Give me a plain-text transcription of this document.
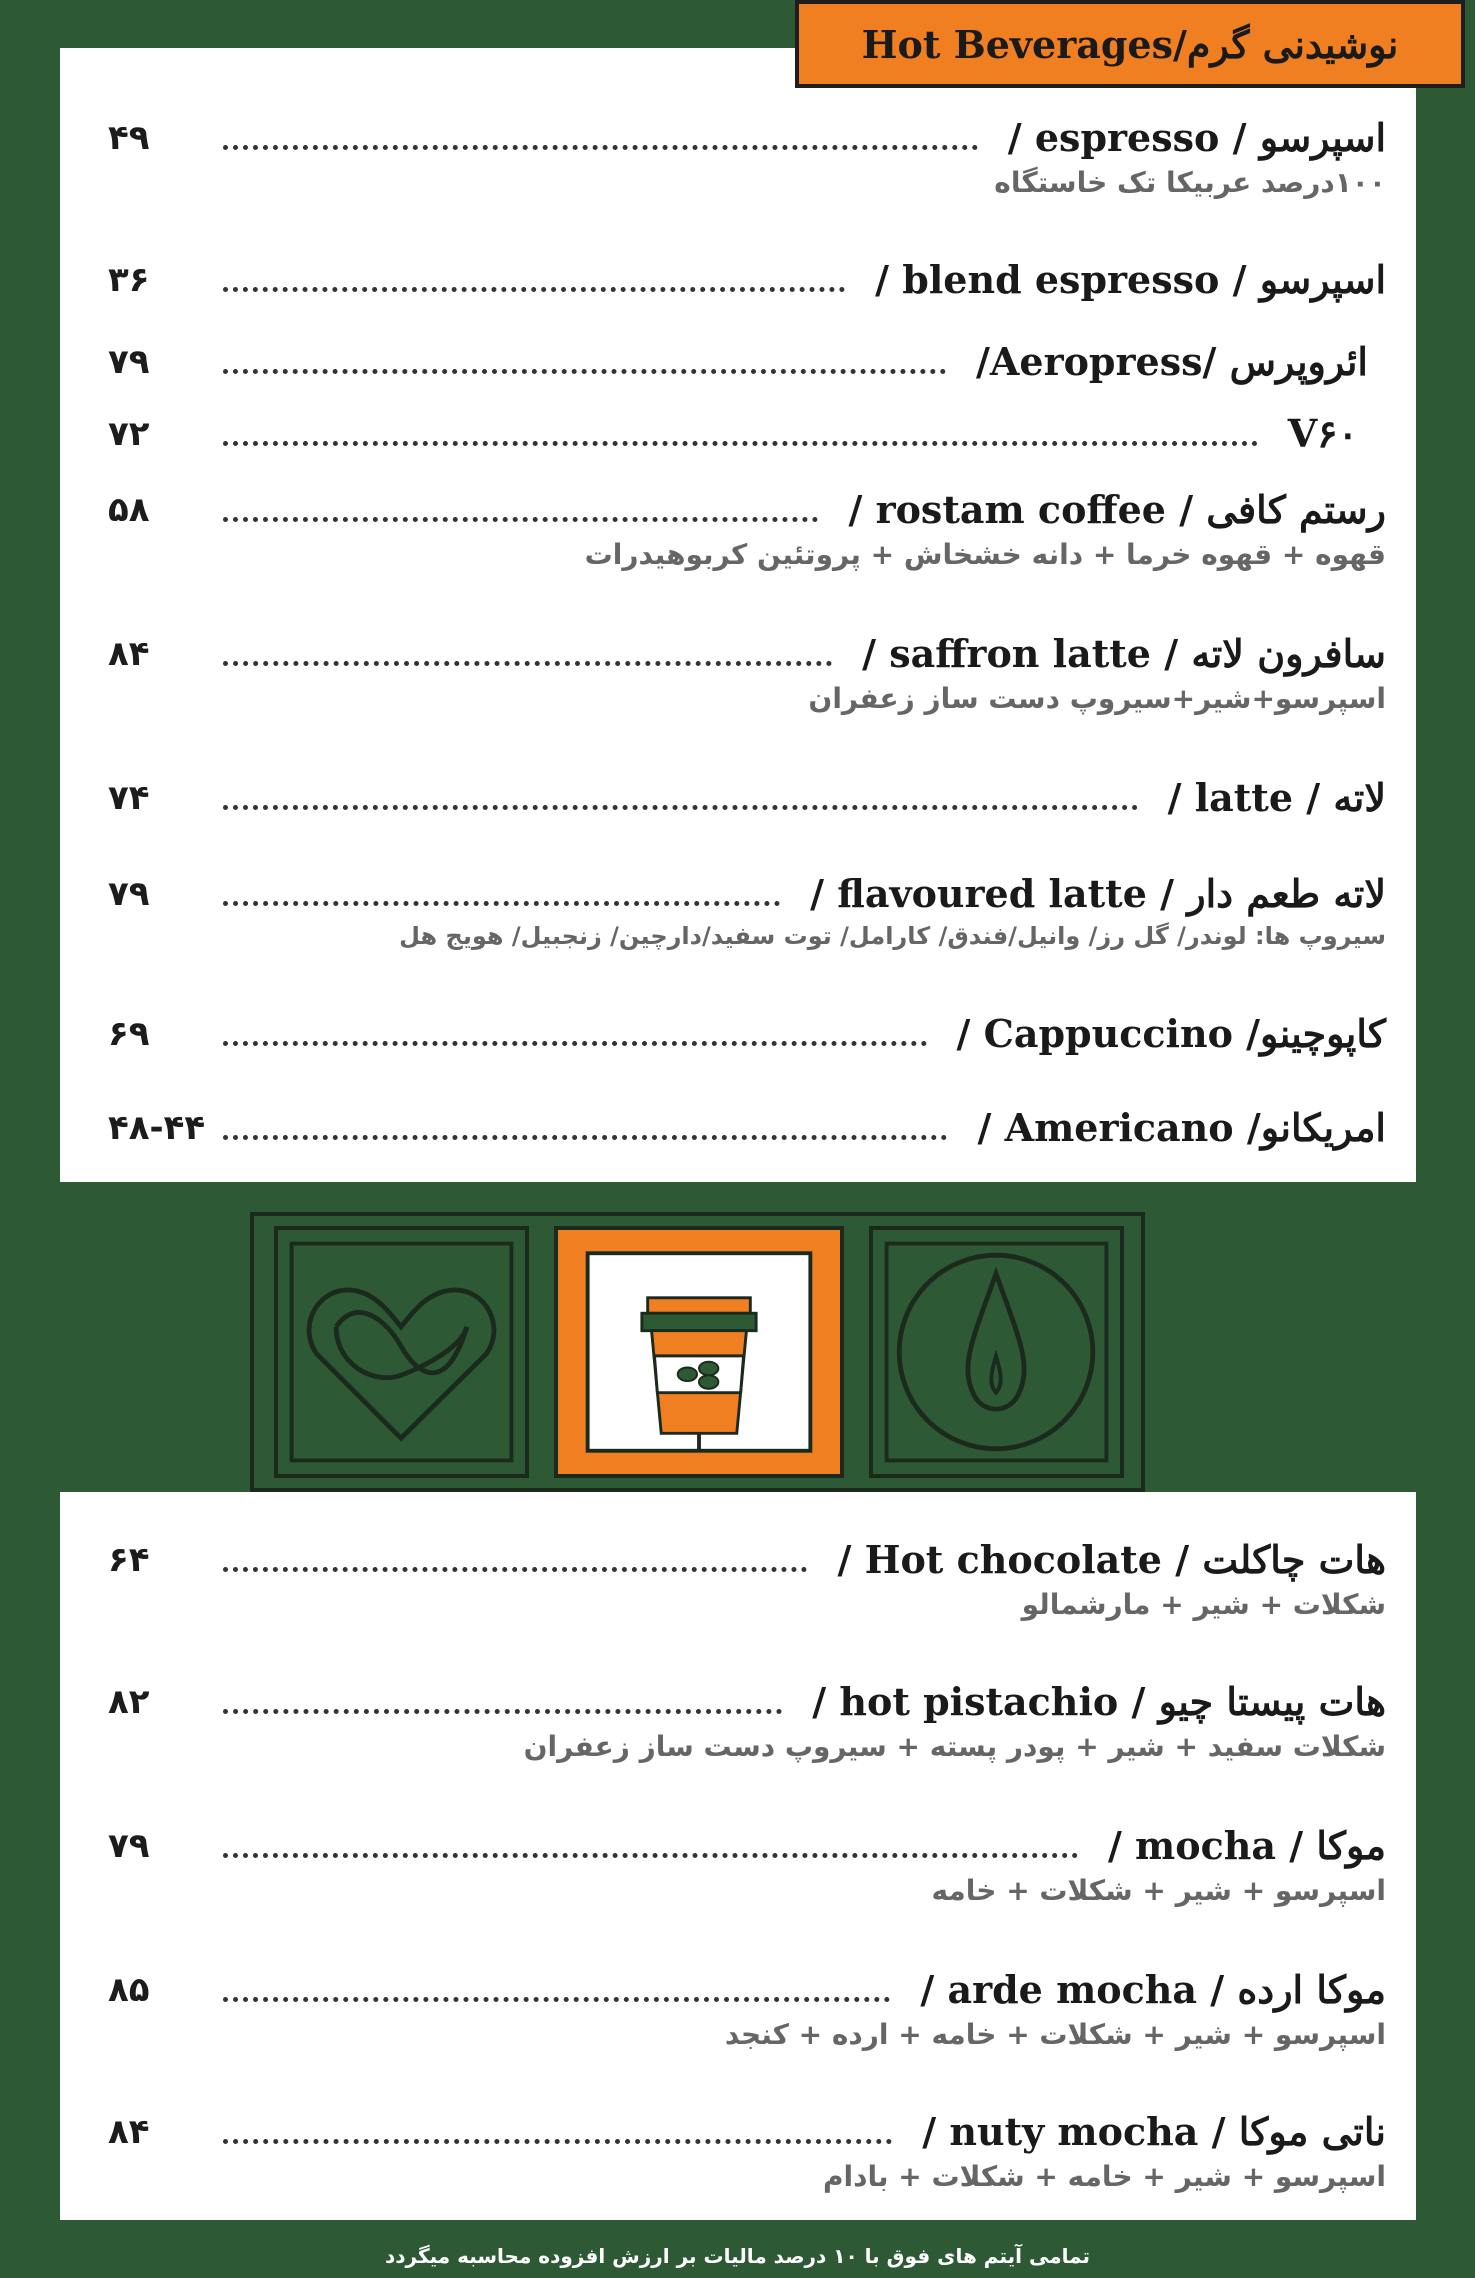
۴۹	اسپرسو / espresso /
۱۰۰درصد عربیکا تک خاستگاه
۳۶	اسپرسو / blend espresso /
۷۹	ائروپرس /Aeropress/
۷۲	V۶۰
۵۸	رستم کافی / rostam coffee /
قهوه + قهوه خرما + دانه خشخاش + پروتئین کربوهیدرات
۸۴	سافرون لاته / saffron latte /
اسپرسو+شیر+سیروپ دست ساز زعفران
۷۴	لاته / latte /
۷۹	لاته طعم دار / flavoured latte /
سیروپ ها: لوندر/ گل رز/ وانیل/فندق/ کارامل/ توت سفید/دارچین/ زنجبیل/ هویج هل
۶۹	کاپوچینو/ Cappuccino /
۴۸-۴۴	امریکانو/ Americano /
نوشیدنی گرم/Hot Beverages
۶۴	هات چاکلت / Hot chocolate /
شکلات + شیر + مارشمالو
۸۲	هات پیستا چیو / hot pistachio /
شکلات سفید + شیر + پودر پسته + سیروپ دست ساز زعفران
۷۹	موکا / mocha /
اسپرسو + شیر + شکلات + خامه
۸۵	موکا ارده / arde mocha /
اسپرسو + شیر + شکلات + خامه + ارده + کنجد
۸۴	ناتی موکا / nuty mocha /
اسپرسو + شیر + خامه + شکلات + بادام
تمامی آیتم های فوق با ۱۰ درصد مالیات بر ارزش افزوده محاسبه میگردد
